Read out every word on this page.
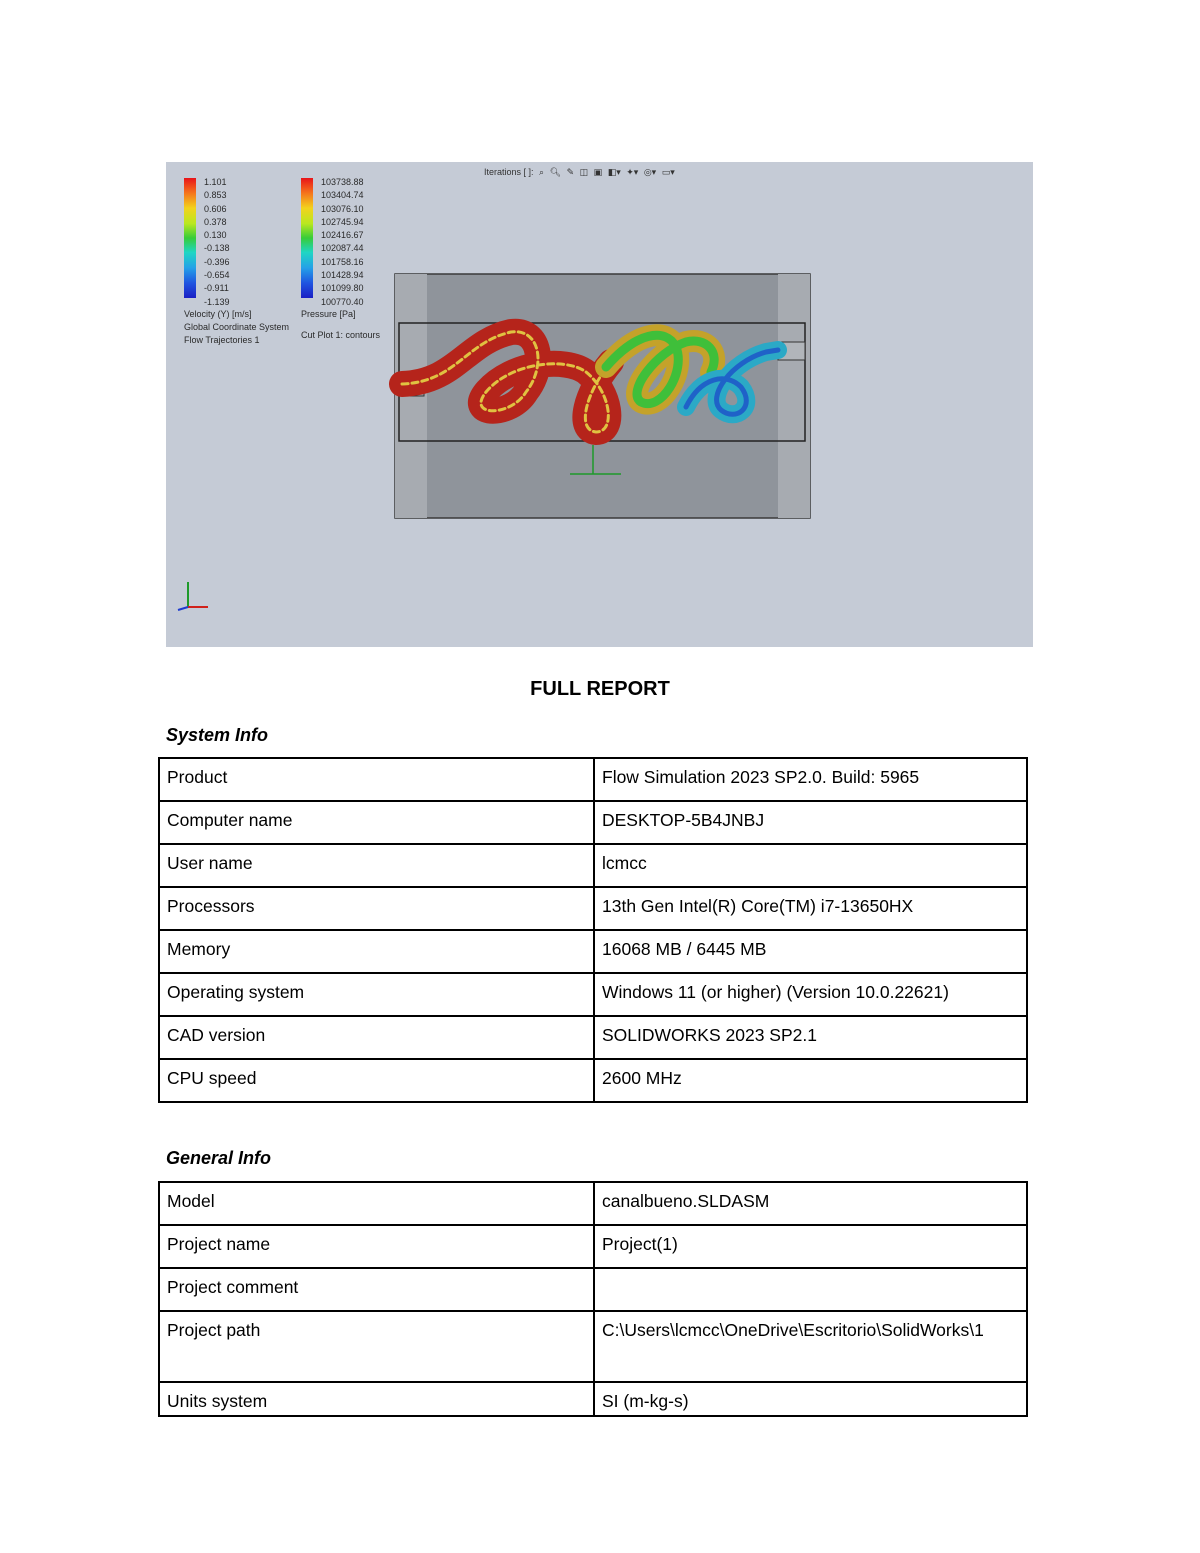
1.101
0.853
0.606
0.378
0.130
-0.138
-0.396
-0.654
-0.911
-1.139
Velocity (Y) [m/s]
Global Coordinate System
Flow Trajectories 1
103738.88
103404.74
103076.10
102745.94
102416.67
102087.44
101758.16
101428.94
101099.80
100770.40
Pressure [Pa]
Cut Plot 1: contours
Iterations [ ]: ⌕ 🔍︎ ✎ ◫ ▣ ◧▾ ✦▾ ◎▾ ▭▾
FULL REPORT
System Info
Product	Flow Simulation 2023 SP2.0. Build: 5965
Computer name	DESKTOP-5B4JNBJ
User name	lcmcc
Processors	13th Gen Intel(R) Core(TM) i7-13650HX
Memory	16068 MB / 6445 MB
Operating system	Windows 11 (or higher) (Version 10.0.22621)
CAD version	SOLIDWORKS 2023 SP2.1
CPU speed	2600 MHz
General Info
Model	canalbueno.SLDASM
Project name	Project(1)
Project comment	
Project path	C:\Users\lcmcc\OneDrive\Escritorio\SolidWorks\1
Units system	SI (m-kg-s)
